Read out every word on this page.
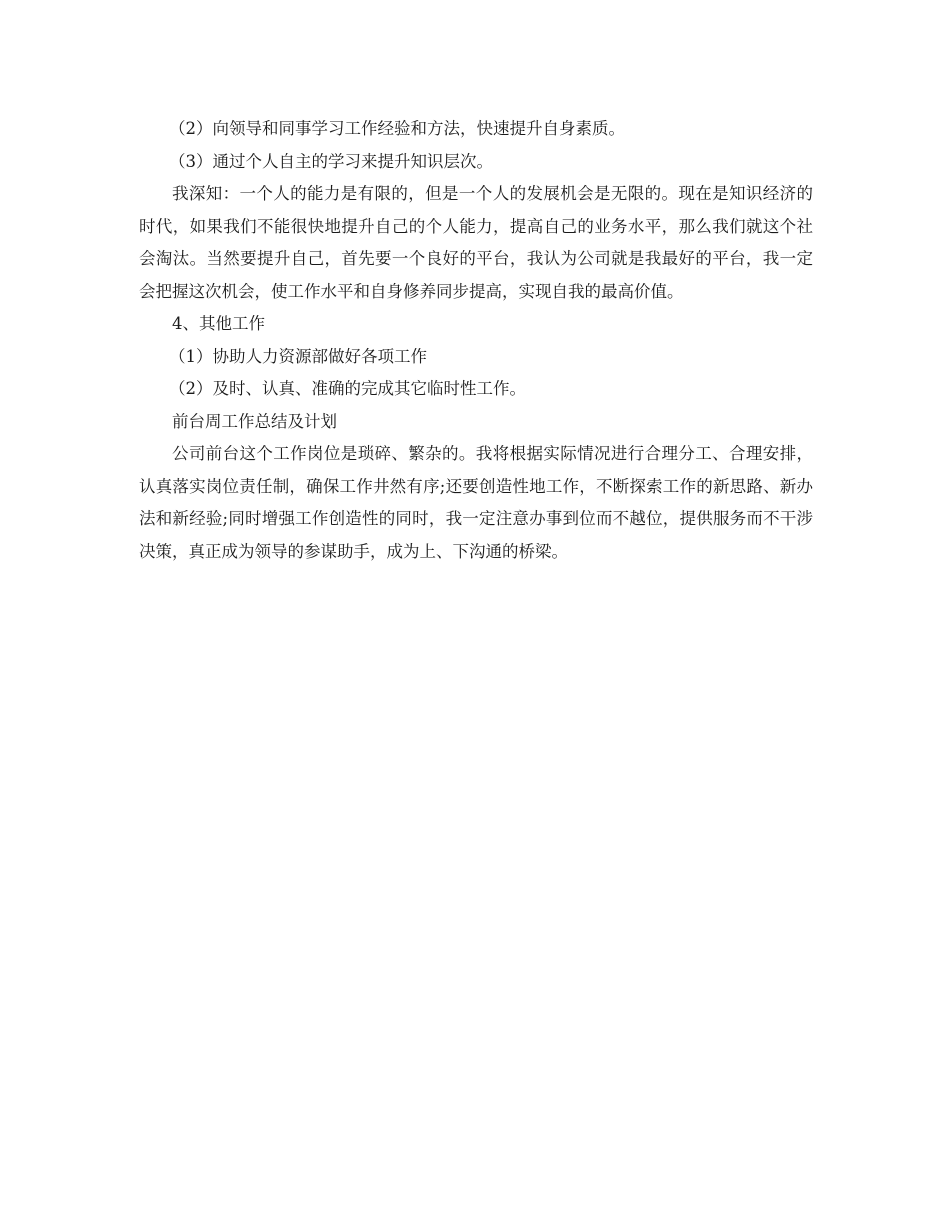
（2）向领导和同事学习工作经验和方法，快速提升自身素质。

（3）通过个人自主的学习来提升知识层次。

我深知：一个人的能力是有限的，但是一个人的发展机会是无限的。现在是知识经济的时代，如果我们不能很快地提升自己的个人能力，提高自己的业务水平，那么我们就这个社会淘汰。当然要提升自己，首先要一个良好的平台，我认为公司就是我最好的平台，我一定会把握这次机会，使工作水平和自身修养同步提高，实现自我的最高价值。

4、其他工作

（1）协助人力资源部做好各项工作

（2）及时、认真、准确的完成其它临时性工作。

前台周工作总结及计划

公司前台这个工作岗位是琐碎、繁杂的。我将根据实际情况进行合理分工、合理安排，认真落实岗位责任制，确保工作井然有序;还要创造性地工作，不断探索工作的新思路、新办法和新经验;同时增强工作创造性的同时，我一定注意办事到位而不越位，提供服务而不干涉决策，真正成为领导的参谋助手，成为上、下沟通的桥梁。
